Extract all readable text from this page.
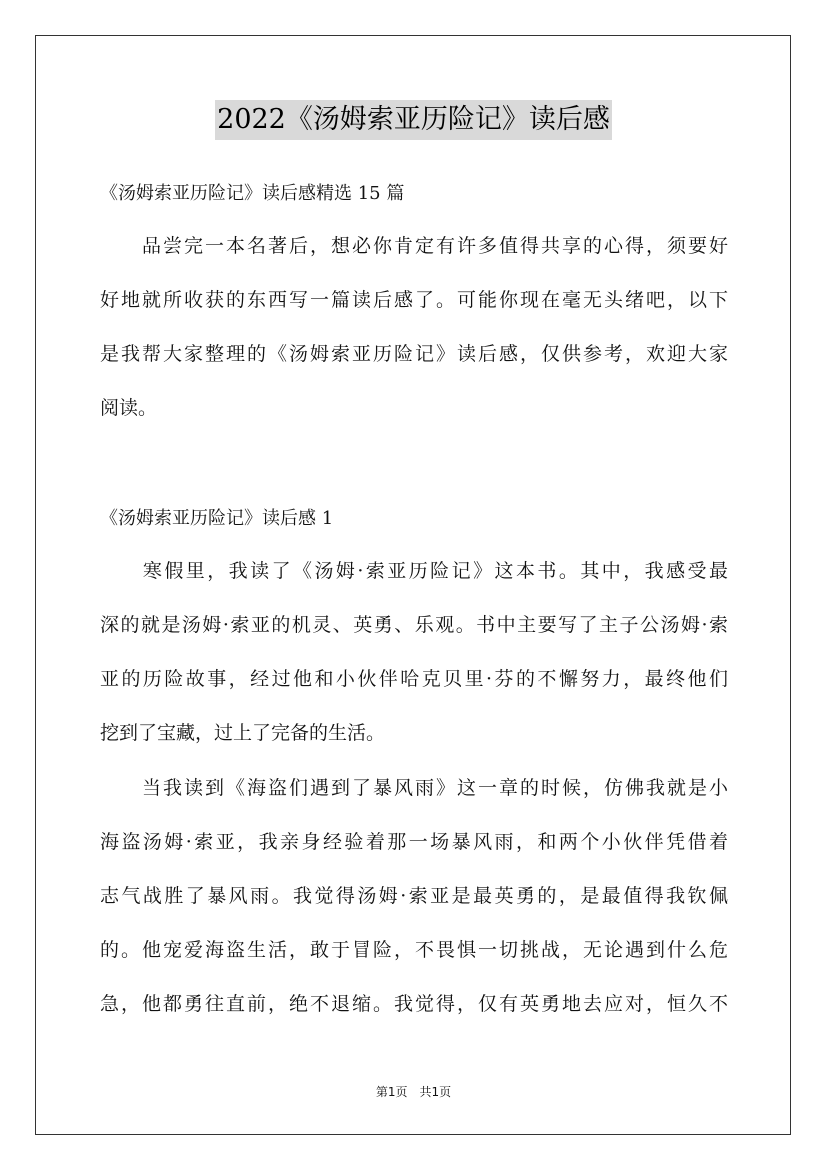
2022《汤姆索亚历险记》读后感
《汤姆索亚历险记》读后感精选 15 篇
　　品尝完一本名著后，想必你肯定有许多值得共享的心得，须要好
好地就所收获的东西写一篇读后感了。可能你现在毫无头绪吧，以下
是我帮大家整理的《汤姆索亚历险记》读后感，仅供参考，欢迎大家
阅读。
《汤姆索亚历险记》读后感 1
　　寒假里，我读了《汤姆·索亚历险记》这本书。其中，我感受最
深的就是汤姆·索亚的机灵、英勇、乐观。书中主要写了主子公汤姆·索
亚的历险故事，经过他和小伙伴哈克贝里·芬的不懈努力，最终他们
挖到了宝藏，过上了完备的生活。
　　当我读到《海盗们遇到了暴风雨》这一章的时候，仿佛我就是小
海盗汤姆·索亚，我亲身经验着那一场暴风雨，和两个小伙伴凭借着
志气战胜了暴风雨。我觉得汤姆·索亚是最英勇的，是最值得我钦佩
的。他宠爱海盗生活，敢于冒险，不畏惧一切挑战，无论遇到什么危
急，他都勇往直前，绝不退缩。我觉得，仅有英勇地去应对，恒久不
第1页　共1页
